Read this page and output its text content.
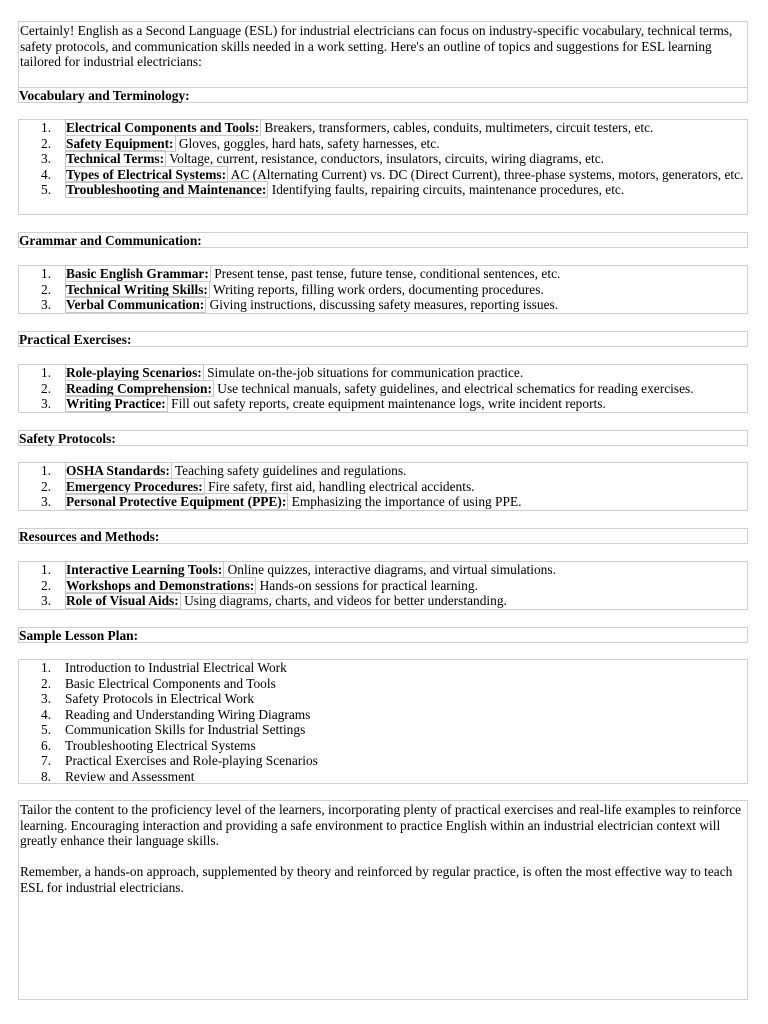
Certainly! English as a Second Language (ESL) for industrial electricians can focus on industry-specific vocabulary, technical terms, safety protocols, and communication skills needed in a work setting. Here's an outline of topics and suggestions for ESL learning tailored for industrial electricians:

Vocabulary and Terminology:
1. Electrical Components and Tools: Breakers, transformers, cables, conduits, multimeters, circuit testers, etc.
2. Safety Equipment: Gloves, goggles, hard hats, safety harnesses, etc.
3. Technical Terms: Voltage, current, resistance, conductors, insulators, circuits, wiring diagrams, etc.
4. Types of Electrical Systems: AC (Alternating Current) vs. DC (Direct Current), three-phase systems, motors, generators, etc.
5. Troubleshooting and Maintenance: Identifying faults, repairing circuits, maintenance procedures, etc.
Grammar and Communication:
1. Basic English Grammar: Present tense, past tense, future tense, conditional sentences, etc.
2. Technical Writing Skills: Writing reports, filling work orders, documenting procedures.
3. Verbal Communication: Giving instructions, discussing safety measures, reporting issues.
Practical Exercises:
1. Role-playing Scenarios: Simulate on-the-job situations for communication practice.
2. Reading Comprehension: Use technical manuals, safety guidelines, and electrical schematics for reading exercises.
3. Writing Practice: Fill out safety reports, create equipment maintenance logs, write incident reports.
Safety Protocols:
1. OSHA Standards: Teaching safety guidelines and regulations.
2. Emergency Procedures: Fire safety, first aid, handling electrical accidents.
3. Personal Protective Equipment (PPE): Emphasizing the importance of using PPE.
Resources and Methods:
1. Interactive Learning Tools: Online quizzes, interactive diagrams, and virtual simulations.
2. Workshops and Demonstrations: Hands-on sessions for practical learning.
3. Role of Visual Aids: Using diagrams, charts, and videos for better understanding.
Sample Lesson Plan:
1. Introduction to Industrial Electrical Work
2. Basic Electrical Components and Tools
3. Safety Protocols in Electrical Work
4. Reading and Understanding Wiring Diagrams
5. Communication Skills for Industrial Settings
6. Troubleshooting Electrical Systems
7. Practical Exercises and Role-playing Scenarios
8. Review and Assessment

Tailor the content to the proficiency level of the learners, incorporating plenty of practical exercises and real-life examples to reinforce learning. Encouraging interaction and providing a safe environment to practice English within an industrial electrician context will greatly enhance their language skills.

Remember, a hands-on approach, supplemented by theory and reinforced by regular practice, is often the most effective way to teach ESL for industrial electricians.
